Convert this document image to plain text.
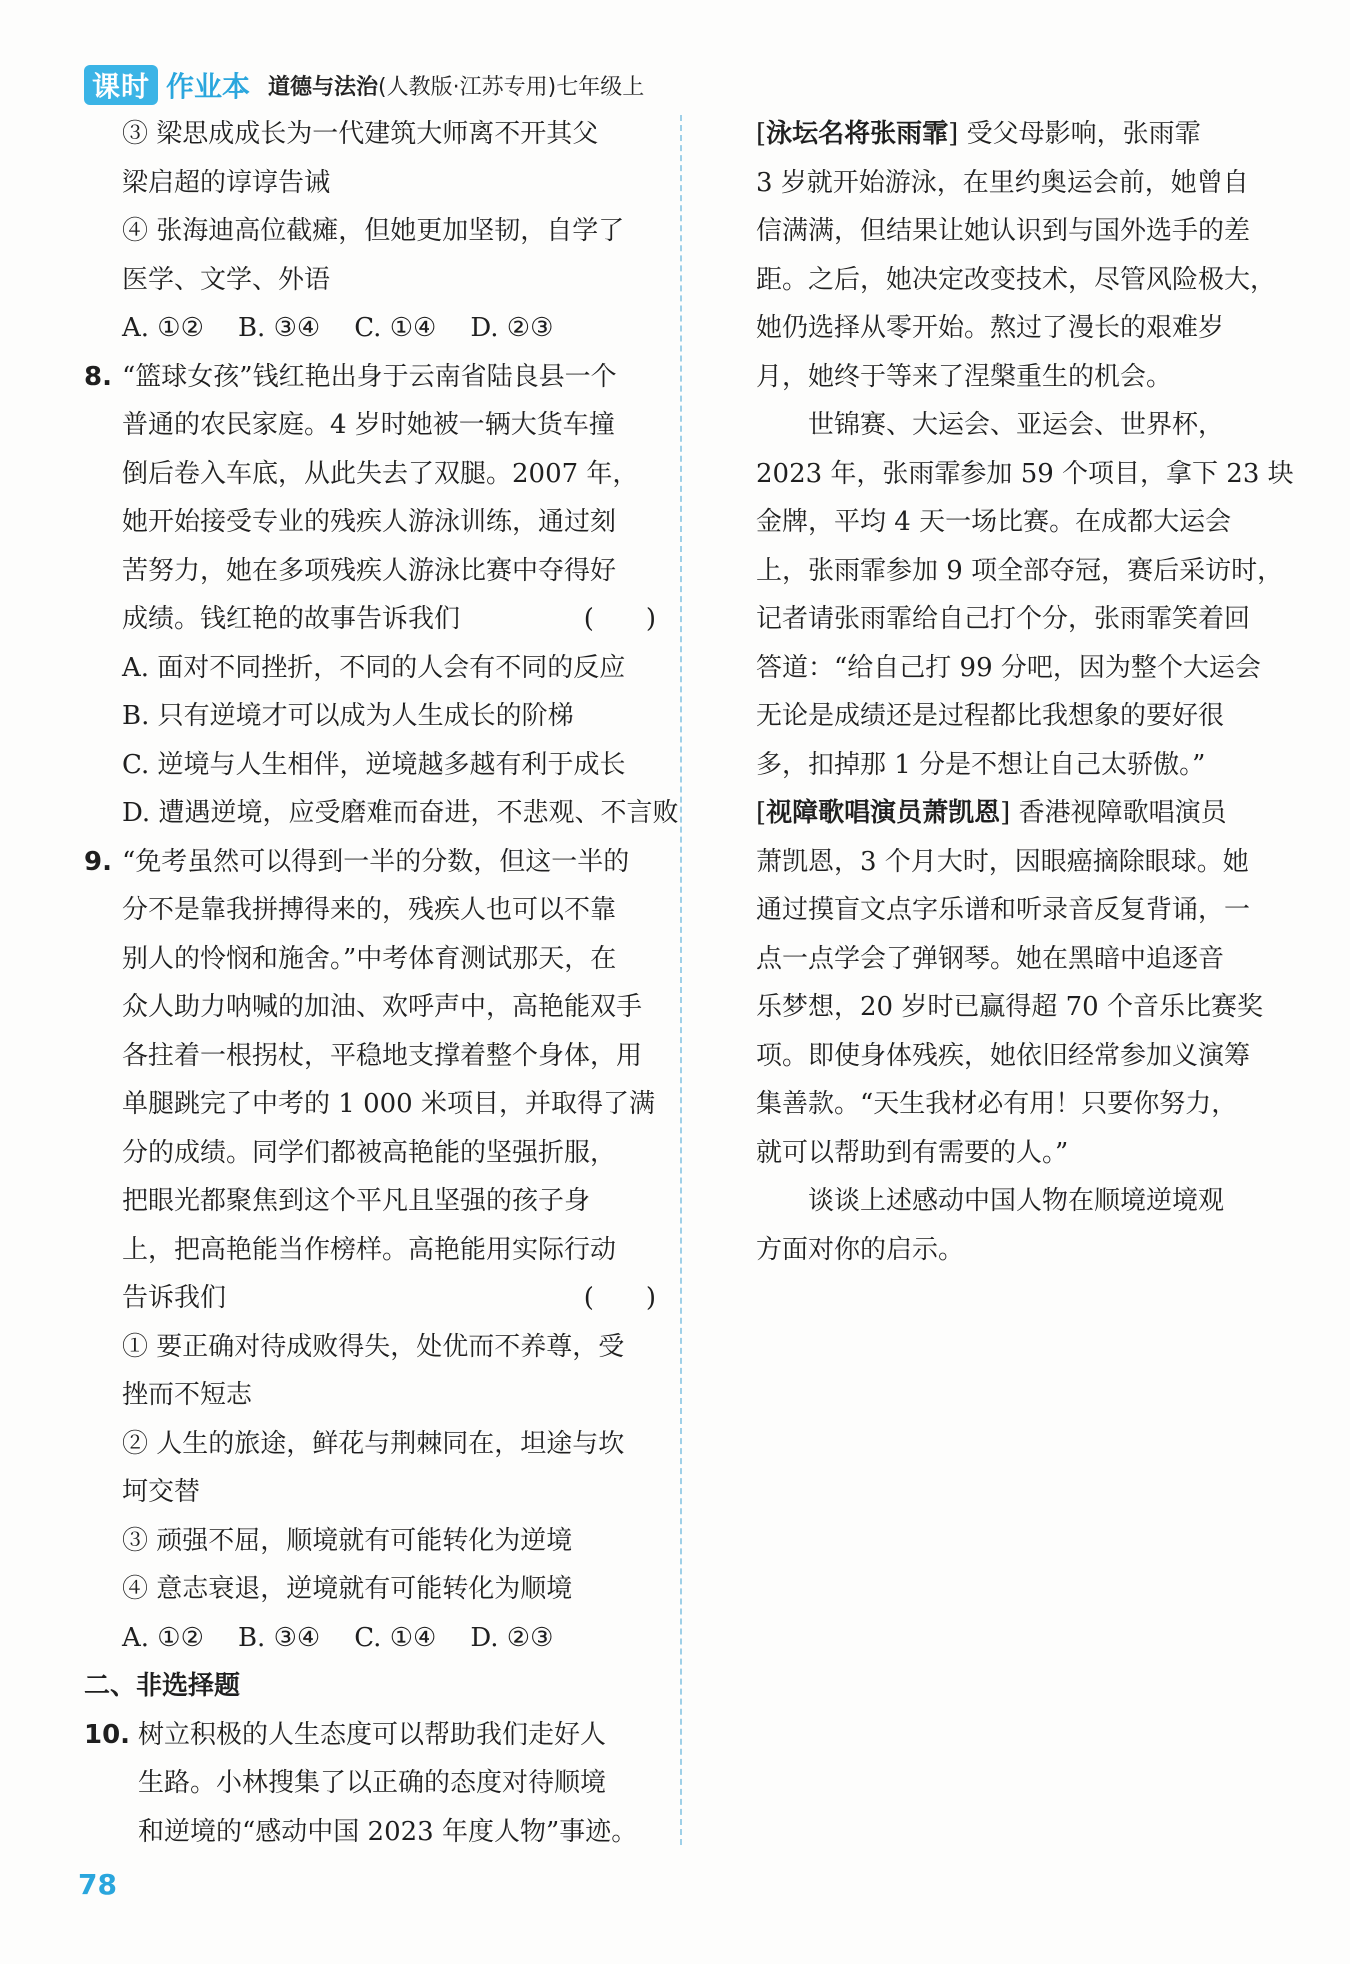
课时 作业本 道德与法治(人教版·江苏专用)七年级上
③ 梁思成成长为一代建筑大师离不开其父
梁启超的谆谆告诫
④ 张海迪高位截瘫，但她更加坚韧，自学了
医学、文学、外语
A. ①② B. ③④ C. ①④ D. ②③
8. “篮球女孩”钱红艳出身于云南省陆良县一个
普通的农民家庭。4 岁时她被一辆大货车撞
倒后卷入车底，从此失去了双腿。2007 年，
她开始接受专业的残疾人游泳训练，通过刻
苦努力，她在多项残疾人游泳比赛中夺得好
成绩。钱红艳的故事告诉我们	(　　)
A. 面对不同挫折，不同的人会有不同的反应
B. 只有逆境才可以成为人生成长的阶梯
C. 逆境与人生相伴，逆境越多越有利于成长
D. 遭遇逆境，应受磨难而奋进，不悲观、不言败
9. “免考虽然可以得到一半的分数，但这一半的
分不是靠我拼搏得来的，残疾人也可以不靠
别人的怜悯和施舍。”中考体育测试那天，在
众人助力呐喊的加油、欢呼声中，高艳能双手
各拄着一根拐杖，平稳地支撑着整个身体，用
单腿跳完了中考的 1 000 米项目，并取得了满
分的成绩。同学们都被高艳能的坚强折服，
把眼光都聚焦到这个平凡且坚强的孩子身
上，把高艳能当作榜样。高艳能用实际行动
告诉我们	(　　)
① 要正确对待成败得失，处优而不养尊，受
挫而不短志
② 人生的旅途，鲜花与荆棘同在，坦途与坎
坷交替
③ 顽强不屈，顺境就有可能转化为逆境
④ 意志衰退，逆境就有可能转化为顺境
A. ①② B. ③④ C. ①④ D. ②③
二、非选择题
10. 树立积极的人生态度可以帮助我们走好人
生路。小林搜集了以正确的态度对待顺境
和逆境的“感动中国 2023 年度人物”事迹。
[泳坛名将张雨霏] 受父母影响，张雨霏
3 岁就开始游泳，在里约奥运会前，她曾自
信满满，但结果让她认识到与国外选手的差
距。之后，她决定改变技术，尽管风险极大，
她仍选择从零开始。熬过了漫长的艰难岁
月，她终于等来了涅槃重生的机会。
世锦赛、大运会、亚运会、世界杯，
2023 年，张雨霏参加 59 个项目，拿下 23 块
金牌，平均 4 天一场比赛。在成都大运会
上，张雨霏参加 9 项全部夺冠，赛后采访时，
记者请张雨霏给自己打个分，张雨霏笑着回
答道：“给自己打 99 分吧，因为整个大运会
无论是成绩还是过程都比我想象的要好很
多，扣掉那 1 分是不想让自己太骄傲。”
[视障歌唱演员萧凯恩] 香港视障歌唱演员
萧凯恩，3 个月大时，因眼癌摘除眼球。她
通过摸盲文点字乐谱和听录音反复背诵，一
点一点学会了弹钢琴。她在黑暗中追逐音
乐梦想，20 岁时已赢得超 70 个音乐比赛奖
项。即使身体残疾，她依旧经常参加义演筹
集善款。“天生我材必有用！只要你努力，
就可以帮助到有需要的人。”
谈谈上述感动中国人物在顺境逆境观
方面对你的启示。
78
